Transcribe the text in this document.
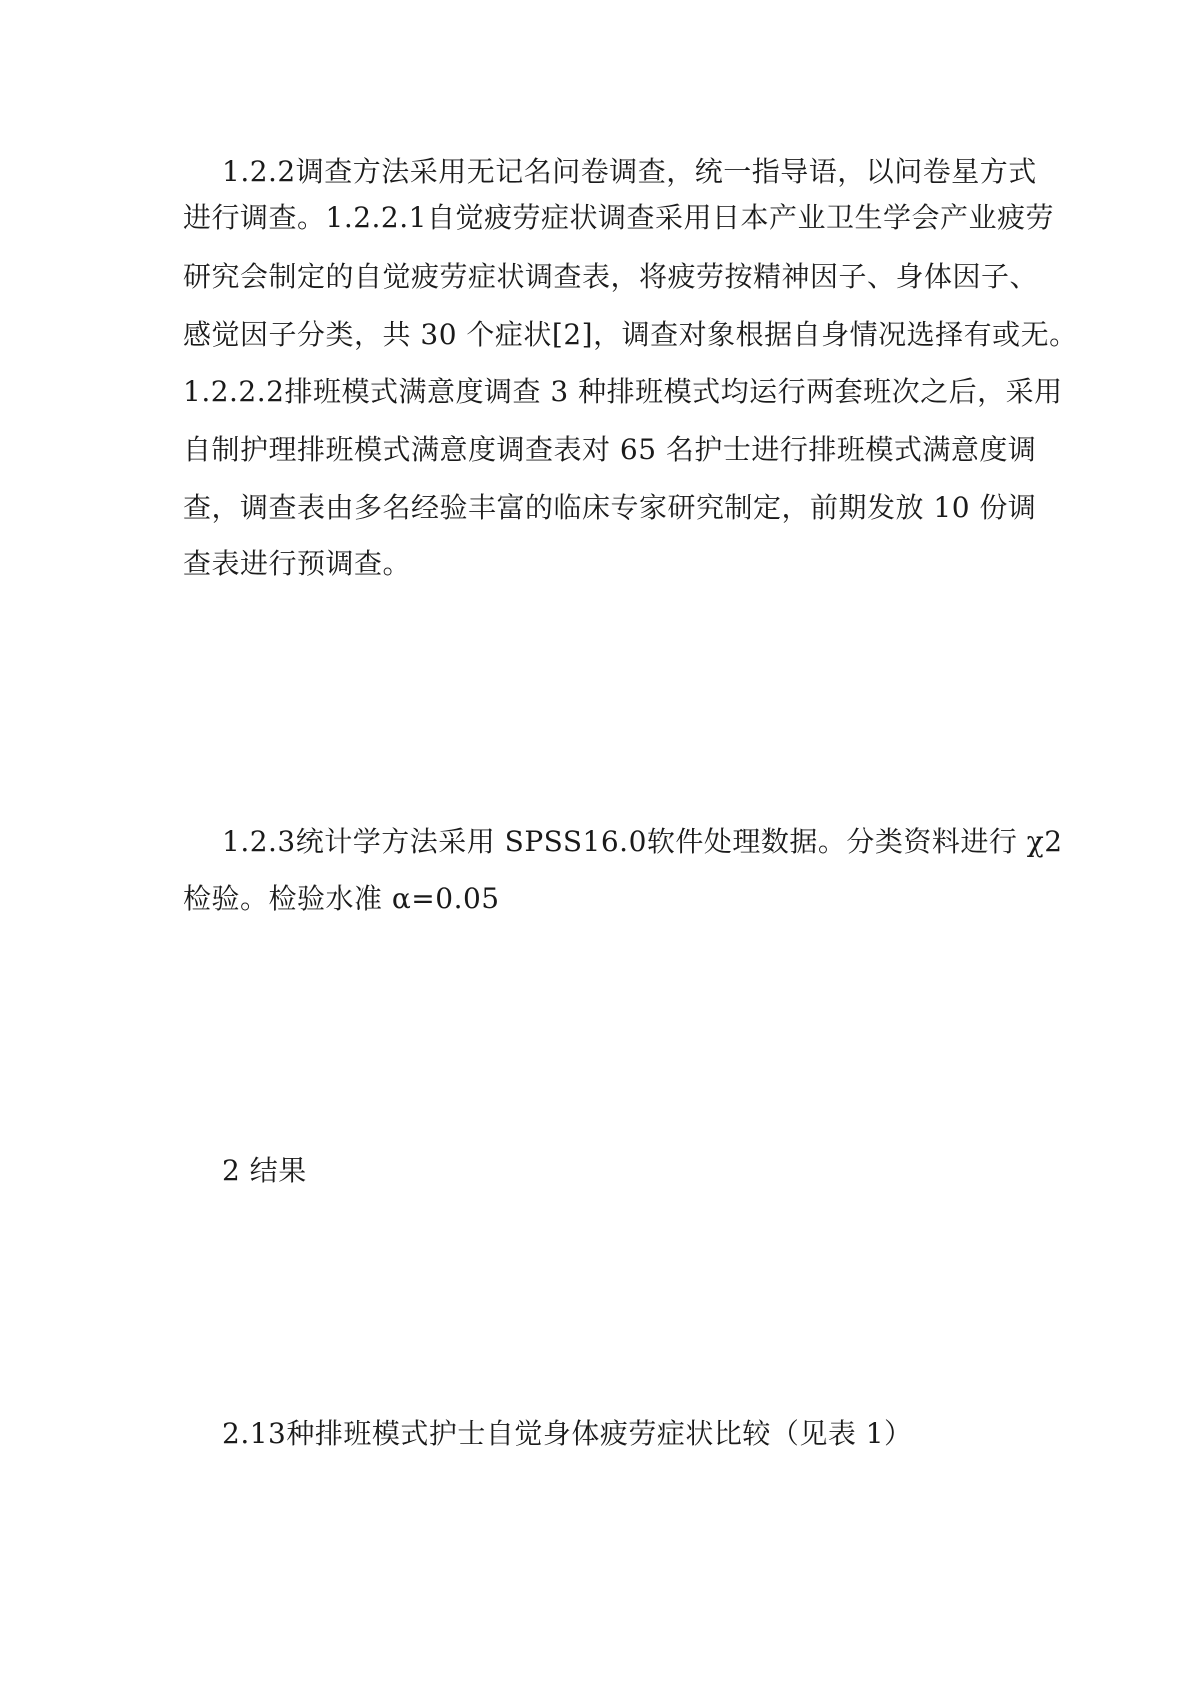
1.2.2调查方法采用无记名问卷调查，统一指导语，以问卷星方式
进行调查。1.2.2.1自觉疲劳症状调查采用日本产业卫生学会产业疲劳
研究会制定的自觉疲劳症状调查表，将疲劳按精神因子、身体因子、
感觉因子分类，共 30 个症状[2]，调查对象根据自身情况选择有或无。
1.2.2.2排班模式满意度调查 3 种排班模式均运行两套班次之后，采用
自制护理排班模式满意度调查表对 65 名护士进行排班模式满意度调
查，调查表由多名经验丰富的临床专家研究制定，前期发放 10 份调
查表进行预调查。
1.2.3统计学方法采用 SPSS16.0软件处理数据。分类资料进行 χ2
检验。检验水准 α=0.05
2 结果
2.13种排班模式护士自觉身体疲劳症状比较（见表 1）
